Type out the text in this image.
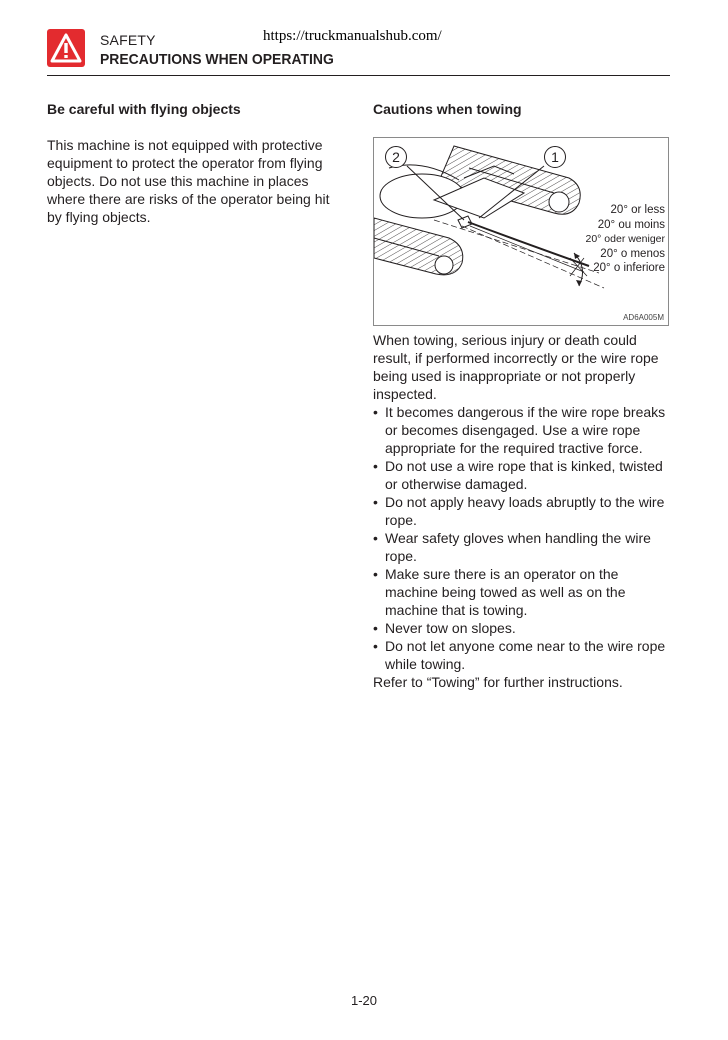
SAFETY	https://truckmanualshub.com/
PRECAUTIONS WHEN OPERATING
Be careful with flying objects

This machine is not equipped with protective equipment to protect the operator from flying objects. Do not use this machine in places where there are risks of the operator being hit by flying objects.

Cautions when towing
2	1
20° or less
20° ou moins
20° oder weniger
20° o menos
20° o inferiore
AD6A005M

When towing, serious injury or death could result, if performed incorrectly or the wire rope being used is inappropriate or not properly inspected.

• It becomes dangerous if the wire rope breaks or becomes disengaged. Use a wire rope appropriate for the required tractive force.
• Do not use a wire rope that is kinked, twisted or otherwise damaged.
• Do not apply heavy loads abruptly to the wire rope.
• Wear safety gloves when handling the wire rope.
• Make sure there is an operator on the machine being towed as well as on the machine that is towing.
• Never tow on slopes.
• Do not let anyone come near to the wire rope while towing.

Refer to “Towing” for further instructions.

1-20
